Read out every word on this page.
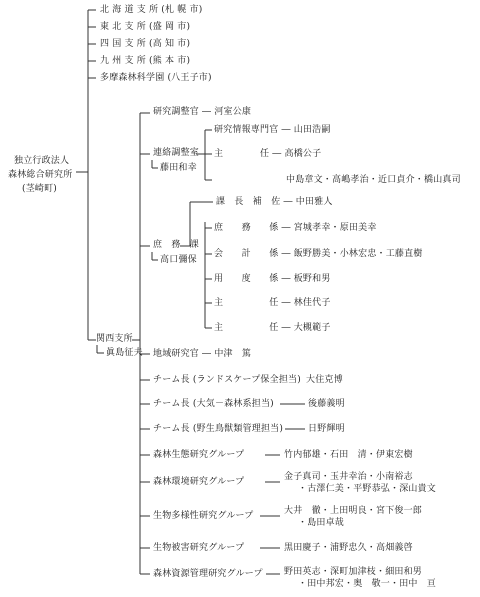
独立行政法人
森林総合研究所
(茎崎町)
北 海 道 支 所 (札 幌 市)
東 北 支 所 (盛 岡 市)
四 国 支 所 (高 知 市)
九 州 支 所 (熊 本 市)
多摩森林科学園 (八王子市)
関西支所
眞島征夫
研究調整官 ― 河室公康
連絡調整室
藤田和幸
研究情報専門官 ― 山田浩嗣
主　　　　任 ― 高橋公子
中島章文・高嶋孝治・近口貞介・橋山真司
課　長　補　佐 ― 中田雅人
庶　務　課
高口彌保
庶　　務　　係 ― 宮城孝幸・原田美幸
会　　計　　係 ― 飯野勝美・小林宏忠・工藤直樹
用　　度　　係 ― 板野和男
主　　　　　任 ― 林佳代子
主　　　　　任 ― 大槻範子
地域研究官 ― 中津　篤
チーム長 (ランドスケープ保全担当) 大住克博
チーム長 (大気－森林系担当)	後藤義明
チーム長 (野生鳥獣類管理担当)	日野輝明
森林生態研究グループ	竹内郁雄・石田　清・伊東宏樹
森林環境研究グループ	金子真司・玉井幸治・小南裕志
・古澤仁美・平野恭弘・深山貴文
生物多様性研究グループ	大井　徹・上田明良・宮下俊一郎
・島田卓哉
生物被害研究グループ	黒田慶子・浦野忠久・高畑義啓
森林資源管理研究グループ 野田英志・深町加津枝・細田和男
・田中邦宏・奥　敬一・田中　亘
